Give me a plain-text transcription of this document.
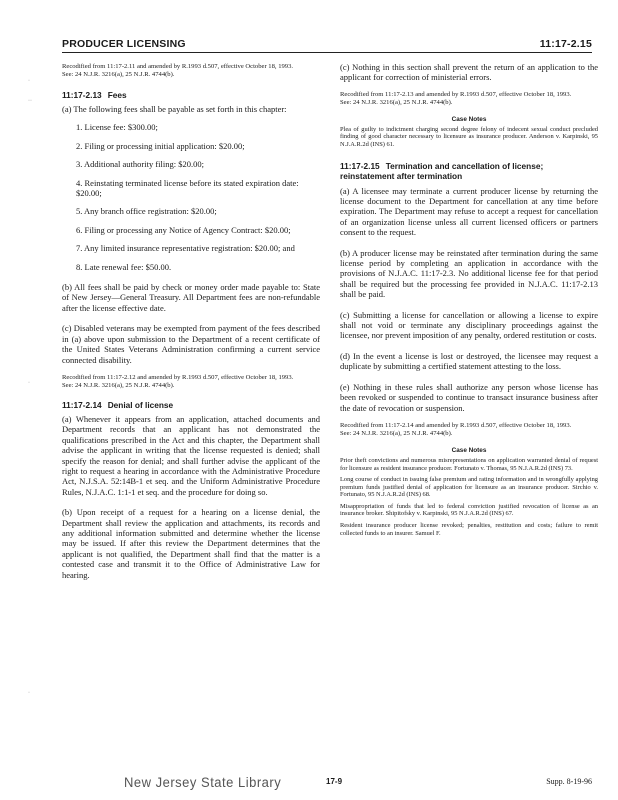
PRODUCER LICENSING	11:17-2.15

Recodified from 11:17-2.11 and amended by R.1993 d.507, effective October 18, 1993.

See: 24 N.J.R. 3216(a), 25 N.J.R. 4744(b).

11:17-2.13 Fees

(a) The following fees shall be payable as set forth in this chapter:

1. License fee: $300.00;

2. Filing or processing initial application: $20.00;

3. Additional authority filing: $20.00;

4. Reinstating terminated license before its stated expiration date: $20.00;

5. Any branch office registration: $20.00;

6. Filing or processing any Notice of Agency Contract: $20.00;

7. Any limited insurance representative registration: $20.00; and

8. Late renewal fee: $50.00.

(b) All fees shall be paid by check or money order made payable to: State of New Jersey—General Treasury. All Department fees are non-refundable after the license effective date.

(c) Disabled veterans may be exempted from payment of the fees described in (a) above upon submission to the Department of a recent certificate of the United States Veterans Administration confirming a current service connected disability.

Recodified from 11:17-2.12 and amended by R.1993 d.507, effective October 18, 1993.

See: 24 N.J.R. 3216(a), 25 N.J.R. 4744(b).

11:17-2.14 Denial of license

(a) Whenever it appears from an application, attached documents and Department records that an applicant has not demonstrated the qualifications prescribed in the Act and this chapter, the Department shall advise the applicant in writing that the license requested is denied; shall specify the reason for denial; and shall further advise the applicant of the right to request a hearing in accordance with the Administrative Procedure Act, N.J.S.A. 52:14B-1 et seq. and the Uniform Administrative Procedure Rules, N.J.A.C. 1:1-1 et seq. and the procedure for doing so.

(b) Upon receipt of a request for a hearing on a license denial, the Department shall review the application and attachments, its records and any additional information submitted and determine whether the license may be issued. If after this review the Department determines that the applicant is not qualified, the Department shall find that the matter is a contested case and transmit it to the Office of Administrative Law for hearing.

(c) Nothing in this section shall prevent the return of an application to the applicant for correction of ministerial errors.

Recodified from 11:17-2.13 and amended by R.1993 d.507, effective October 18, 1993.

See: 24 N.J.R. 3216(a), 25 N.J.R. 4744(b).

Case Notes

Plea of guilty to indictment charging second degree felony of indecent sexual conduct precluded finding of good character necessary to licensure as insurance producer. Anderson v. Karpinski, 95 N.J.A.R.2d (INS) 61.

11:17-2.15 Termination and cancellation of license; reinstatement after termination

(a) A licensee may terminate a current producer license by returning the license document to the Department for cancellation at any time before expiration. The Department may refuse to accept a request for cancellation of an organization license unless all current licensed officers or partners consent to the request.

(b) A producer license may be reinstated after termination during the same license period by completing an application in accordance with the provisions of N.J.A.C. 11:17-2.3. No additional license fee for that period shall be required but the processing fee provided in N.J.A.C. 11:17-2.13 shall be paid.

(c) Submitting a license for cancellation or allowing a license to expire shall not void or terminate any disciplinary proceedings against the licensee, nor prevent imposition of any penalty, ordered restitution or costs.

(d) In the event a license is lost or destroyed, the licensee may request a duplicate by submitting a certified statement attesting to the loss.

(e) Nothing in these rules shall authorize any person whose license has been revoked or suspended to continue to transact insurance business after the date of revocation or suspension.

Recodified from 11:17-2.14 and amended by R.1993 d.507, effective October 18, 1993.

See: 24 N.J.R. 3216(a), 25 N.J.R. 4744(b).

Case Notes

Prior theft convictions and numerous misrepresentations on application warranted denial of request for licensure as resident insurance producer. Fortunato v. Thomas, 95 N.J.A.R.2d (INS) 73.

Long course of conduct in issuing false premium and rating information and in wrongfully applying premium funds justified denial of application for licensure as an insurance producer. Sirchio v. Fortunato, 95 N.J.A.R.2d (INS) 68.

Misappropriation of funds that led to federal conviction justified revocation of license as an insurance broker. Shipitofsky v. Karpinski, 95 N.J.A.R.2d (INS) 67.

Resident insurance producer license revoked; penalties, restitution and costs; failure to remit collected funds to an insurer. Samuel F.

·
··
·
·
New Jersey State Library	17-9	Supp. 8-19-96
